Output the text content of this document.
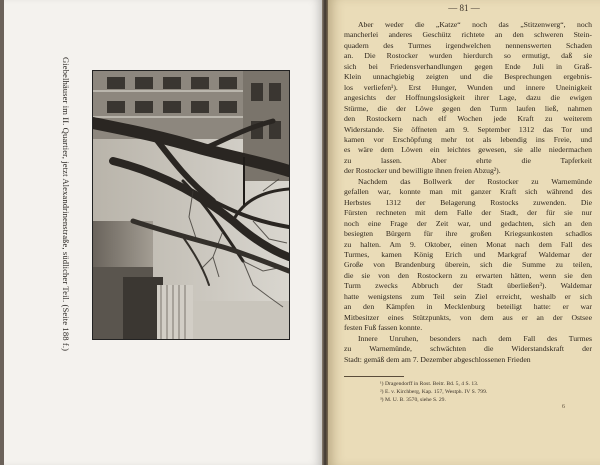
Giebelhäuser im II. Quartier, jetzt Alexandrinenstraße, südlicher Teil. (Seite 188 f.)
— 81 —
Aber weder die „Katze“ noch das „Stitzenwerg“, noch
mancherlei anderes Geschütz richtete an den schweren Stein-
quadern des Turmes irgendwelchen nennenswerten Schaden
an. Die Rostocker wurden hierdurch so ermutigt, daß sie
sich bei Friedensverhandlungen gegen Ende Juli in Graß-
Klein unnachgiebig zeigten und die Besprechungen ergebnis-
los verliefen¹). Erst Hunger, Wunden und innere Uneinigkeit
angesichts der Hoffnungslosigkeit ihrer Lage, dazu die ewigen
Stürme, die der Löwe gegen den Turm laufen ließ, nahmen
den Rostockern nach elf Wochen jede Kraft zu weiterem
Widerstande. Sie öffneten am 9. September 1312 das Tor und
kamen vor Erschöpfung mehr tot als lebendig ins Freie, und
es wäre dem Löwen ein leichtes gewesen, sie alle niedermachen
zu lassen. Aber ehrte die Tapferkeit
der Rostocker und bewilligte ihnen freien Abzug²).
Nachdem das Bollwerk der Rostocker zu Warnemünde
gefallen war, konnte man mit ganzer Kraft sich während des
Herbstes 1312 der Belagerung Rostocks zuwenden. Die
Fürsten rechneten mit dem Falle der Stadt, der für sie nur
noch eine Frage der Zeit war, und gedachten, sich an den
besiegten Bürgern für ihre großen Kriegsunkosten schadlos
zu halten. Am 9. Oktober, einen Monat nach dem Fall des
Turmes, kamen König Erich und Markgraf Waldemar der
Große von Brandenburg überein, sich die Summe zu teilen,
die sie von den Rostockern zu erwarten hätten, wenn sie den
Turm zwecks Abbruch der Stadt überließen³). Waldemar
hatte wenigstens zum Teil sein Ziel erreicht, weshalb er sich
an den Kämpfen in Mecklenburg beteiligt hatte: er war
Mitbesitzer eines Stützpunkts, von dem aus er an der Ostsee
festen Fuß fassen konnte.
Innere Unruhen, besonders nach dem Fall des Turmes
zu Warnemünde, schwächten die Widerstandskraft der
Stadt: gemäß dem am 7. Dezember abgeschlossenen Frieden
¹) Dragendorff in Rost. Beitr. Bd. 5, 4 S. 13.
²) E. v. Kirchberg, Kap. 157, Westph. IV S. 799.
³) M. U. B. 3570, siehe S. 29.
6
